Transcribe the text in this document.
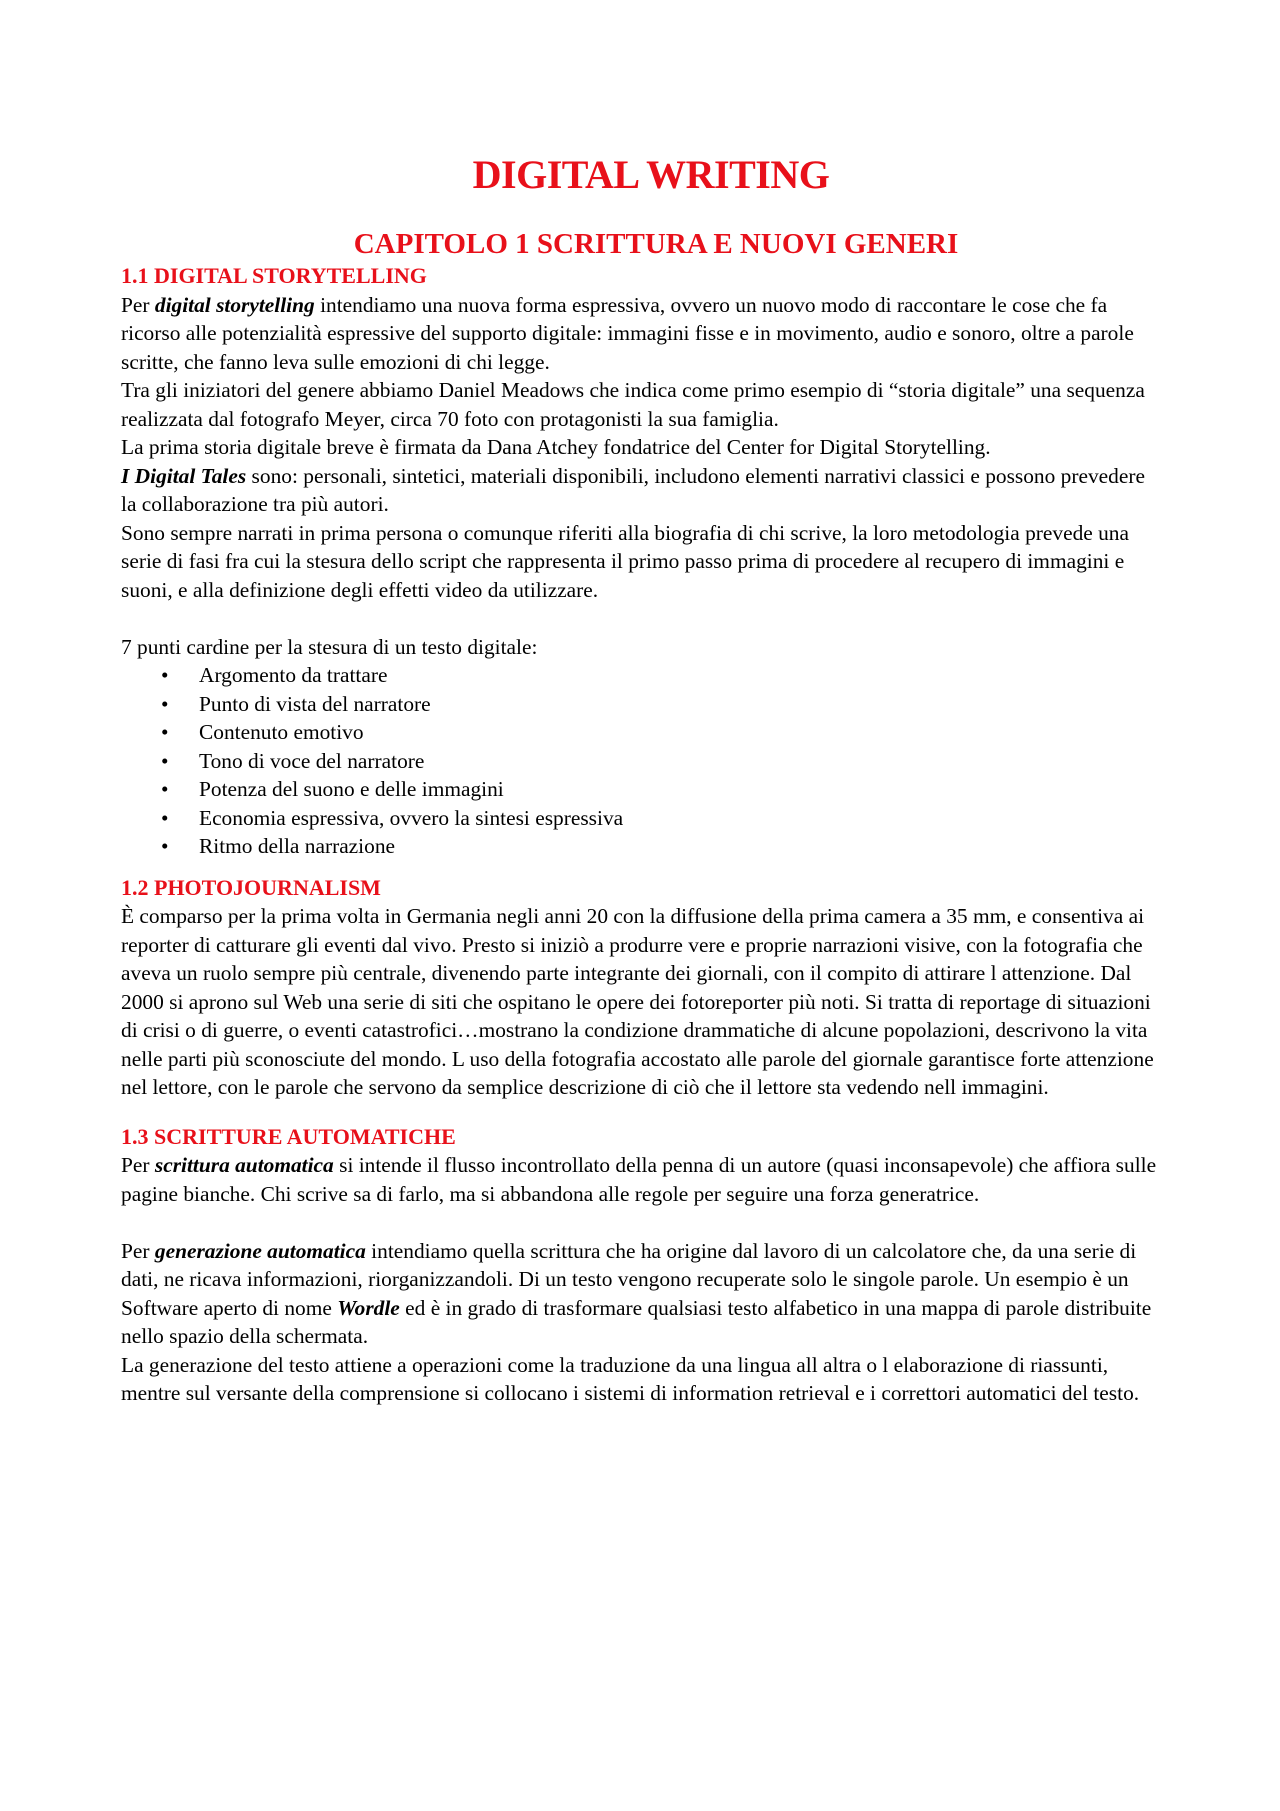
DIGITAL WRITING
CAPITOLO 1 SCRITTURA E NUOVI GENERI
1.1 DIGITAL STORYTELLING

Per digital storytelling intendiamo una nuova forma espressiva, ovvero un nuovo modo di raccontare le cose che fa ricorso alle potenzialità espressive del supporto digitale: immagini fisse e in movimento, audio e sonoro, oltre a parole scritte, che fanno leva sulle emozioni di chi legge.

Tra gli iniziatori del genere abbiamo Daniel Meadows che indica come primo esempio di “storia digitale” una sequenza realizzata dal fotografo Meyer, circa 70 foto con protagonisti la sua famiglia.

La prima storia digitale breve è firmata da Dana Atchey fondatrice del Center for Digital Storytelling.

I Digital Tales sono: personali, sintetici, materiali disponibili, includono elementi narrativi classici e possono prevedere la collaborazione tra più autori.

Sono sempre narrati in prima persona o comunque riferiti alla biografia di chi scrive, la loro metodologia prevede una serie di fasi fra cui la stesura dello script che rappresenta il primo passo prima di procedere al recupero di immagini e suoni, e alla definizione degli effetti video da utilizzare.

7 punti cardine per la stesura di un testo digitale:

• Argomento da trattare
• Punto di vista del narratore
• Contenuto emotivo
• Tono di voce del narratore
• Potenza del suono e delle immagini
• Economia espressiva, ovvero la sintesi espressiva
• Ritmo della narrazione
1.2 PHOTOJOURNALISM

È comparso per la prima volta in Germania negli anni 20 con la diffusione della prima camera a 35 mm, e consentiva ai reporter di catturare gli eventi dal vivo. Presto si iniziò a produrre vere e proprie narrazioni visive, con la fotografia che aveva un ruolo sempre più centrale, divenendo parte integrante dei giornali, con il compito di attirare l attenzione. Dal 2000 si aprono sul Web una serie di siti che ospitano le opere dei fotoreporter più noti. Si tratta di reportage di situazioni di crisi o di guerre, o eventi catastrofici…mostrano la condizione drammatiche di alcune popolazioni, descrivono la vita nelle parti più sconosciute del mondo. L uso della fotografia accostato alle parole del giornale garantisce forte attenzione nel lettore, con le parole che servono da semplice descrizione di ciò che il lettore sta vedendo nell immagini.

1.3 SCRITTURE AUTOMATICHE

Per scrittura automatica si intende il flusso incontrollato della penna di un autore (quasi inconsapevole) che affiora sulle pagine bianche. Chi scrive sa di farlo, ma si abbandona alle regole per seguire una forza generatrice.

Per generazione automatica intendiamo quella scrittura che ha origine dal lavoro di un calcolatore che, da una serie di dati, ne ricava informazioni, riorganizzandoli. Di un testo vengono recuperate solo le singole parole. Un esempio è un Software aperto di nome Wordle ed è in grado di trasformare qualsiasi testo alfabetico in una mappa di parole distribuite nello spazio della schermata.

La generazione del testo attiene a operazioni come la traduzione da una lingua all altra o l elaborazione di riassunti, mentre sul versante della comprensione si collocano i sistemi di information retrieval e i correttori automatici del testo.
